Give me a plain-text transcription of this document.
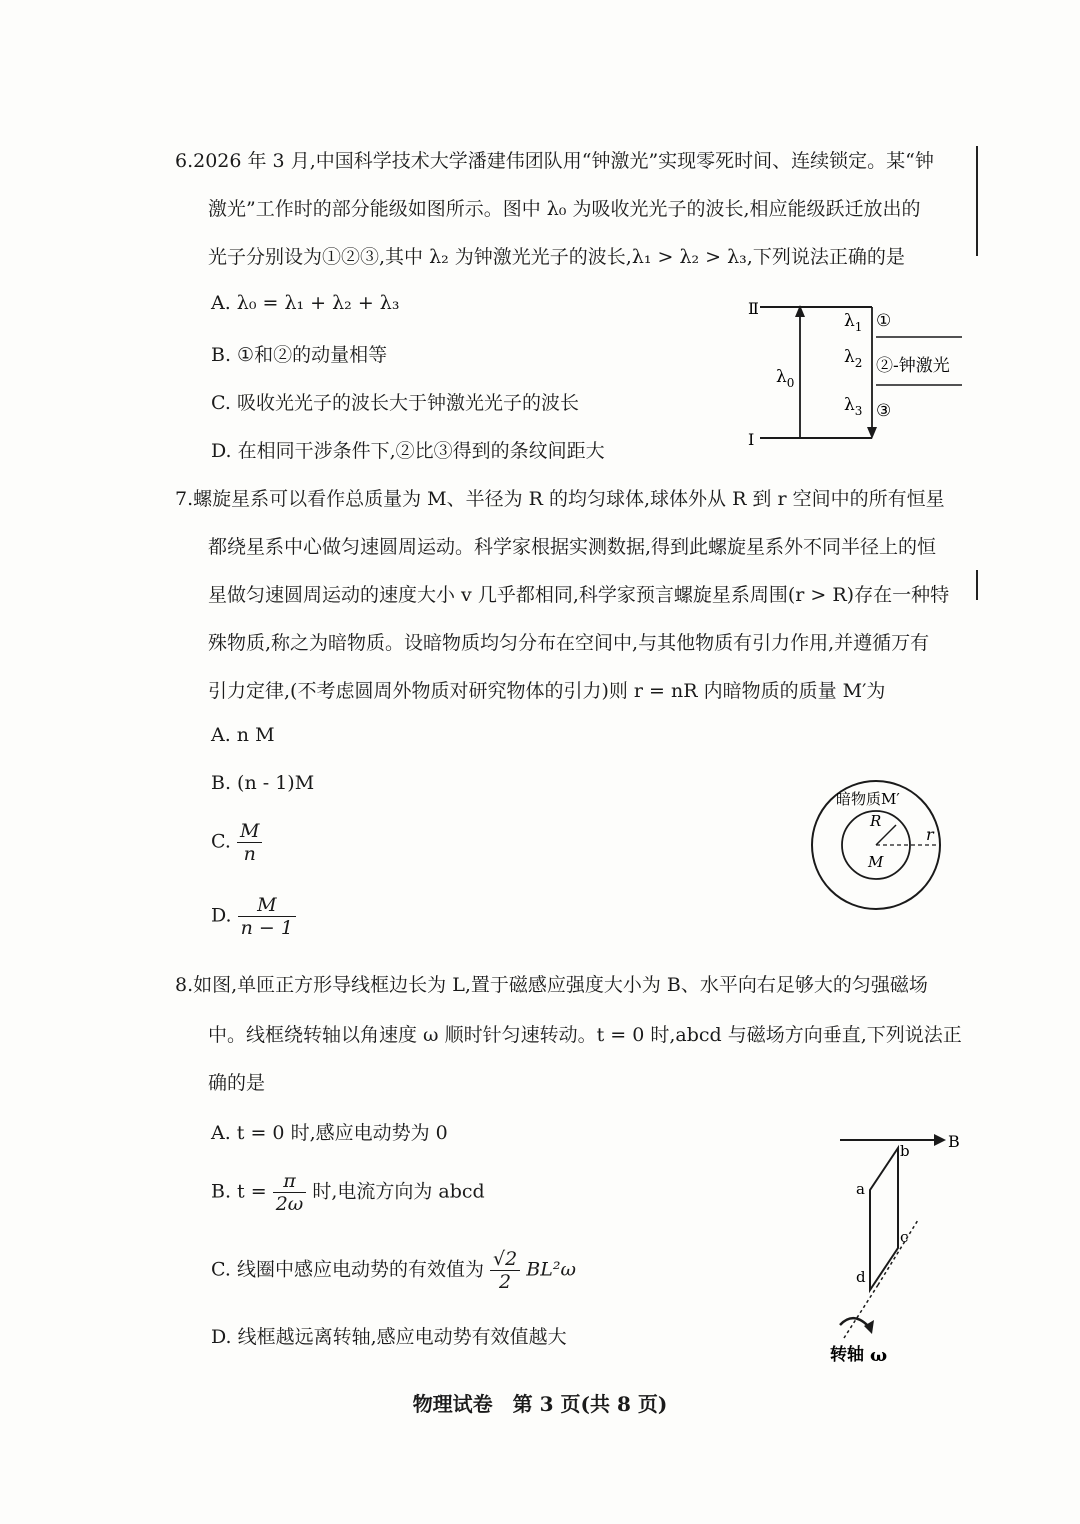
6.2026 年 3 月,中国科学技术大学潘建伟团队用“钟激光”实现零死时间、连续锁定。某“钟
激光”工作时的部分能级如图所示。图中 λ₀ 为吸收光光子的波长,相应能级跃迁放出的
光子分别设为①②③,其中 λ₂ 为钟激光光子的波长,λ₁ > λ₂ > λ₃,下列说法正确的是
A. λ₀ = λ₁ + λ₂ + λ₃
B. ①和②的动量相等
C. 吸收光光子的波长大于钟激光光子的波长
D. 在相同干涉条件下,②比③得到的条纹间距大
Ⅱ
Ⅰ
$\lambda_0$
$\lambda_1$
$\lambda_2$
$\lambda_3$
①
②-钟激光
③
7.螺旋星系可以看作总质量为 M、半径为 R 的均匀球体,球体外从 R 到 r 空间中的所有恒星
都绕星系中心做匀速圆周运动。科学家根据实测数据,得到此螺旋星系外不同半径上的恒
星做匀速圆周运动的速度大小 v 几乎都相同,科学家预言螺旋星系周围(r > R)存在一种特
殊物质,称之为暗物质。设暗物质均匀分布在空间中,与其他物质有引力作用,并遵循万有
引力定律,(不考虑圆周外物质对研究物体的引力)则 r = nR 内暗物质的质量 M′为
A. n M
B. (n - 1)M
C. $\frac{M}{n}$
D. $\frac{M}{n - 1}$
暗物质M′
R
M
r
8.如图,单匝正方形导线框边长为 L,置于磁感应强度大小为 B、水平向右足够大的匀强磁场
中。线框绕转轴以角速度 ω 顺时针匀速转动。t = 0 时,abcd 与磁场方向垂直,下列说法正
确的是
A. t = 0 时,感应电动势为 0
B. $t = \frac{\pi}{2\omega}$ 时,电流方向为 abcd
C. 线圈中感应电动势的有效值为 $\frac{√2}{2} BL^2\omega$
D. 线框越远离转轴,感应电动势有效值越大
B
a
b
c
d
转轴 ω
物理试卷　第 3 页(共 8 页)
